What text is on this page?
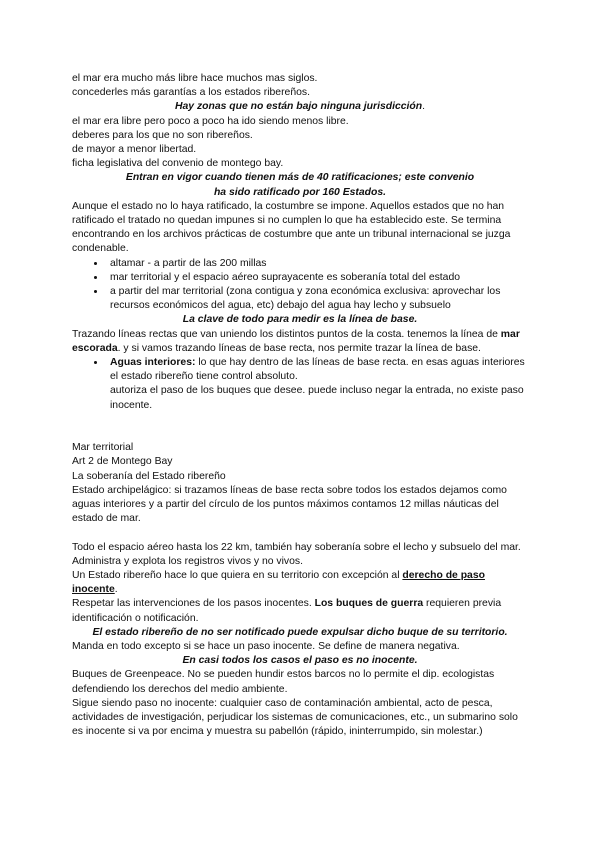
el mar era mucho más libre hace muchos mas siglos.
concederles más garantías a los estados ribereños.
Hay zonas que no están bajo ninguna jurisdicción.
el mar era libre pero poco a poco ha ido siendo menos libre.
deberes para los que no son ribereños.
de mayor a menor libertad.
ficha legislativa del convenio de montego bay.
Entran en vigor cuando tienen más de 40 ratificaciones; este convenio ha sido ratificado por 160 Estados.
Aunque el estado no lo haya ratificado, la costumbre se impone. Aquellos estados que no han ratificado el tratado no quedan impunes si no cumplen lo que ha establecido este. Se termina encontrando en los archivos prácticas de costumbre que ante un tribunal internacional se juzga condenable.
• altamar - a partir de las 200 millas
• mar territorial y el espacio aéreo suprayacente es soberanía total del estado
• a partir del mar territorial (zona contigua y zona económica exclusiva: aprovechar los recursos económicos del agua, etc) debajo del agua hay lecho y subsuelo
La clave de todo para medir es la línea de base.
Trazando líneas rectas que van uniendo los distintos puntos de la costa. tenemos la línea de mar escorada. y si vamos trazando líneas de base recta, nos permite trazar la línea de base.
• Aguas interiores: lo que hay dentro de las líneas de base recta. en esas aguas interiores el estado ribereño tiene control absoluto.
autoriza el paso de los buques que desee. puede incluso negar la entrada, no existe paso inocente.
Mar territorial
Art 2 de Montego Bay
La soberanía del Estado ribereño
Estado archipelágico: si trazamos líneas de base recta sobre todos los estados dejamos como aguas interiores y a partir del círculo de los puntos máximos contamos 12 millas náuticas del estado de mar.
Todo el espacio aéreo hasta los 22 km, también hay soberanía sobre el lecho y subsuelo del mar. Administra y explota los registros vivos y no vivos.
Un Estado ribereño hace lo que quiera en su territorio con excepción al derecho de paso inocente.
Respetar las intervenciones de los pasos inocentes. Los buques de guerra requieren previa identificación o notificación.
El estado ribereño de no ser notificado puede expulsar dicho buque de su territorio.
Manda en todo excepto si se hace un paso inocente. Se define de manera negativa.
En casi todos los casos el paso es no inocente.
Buques de Greenpeace. No se pueden hundir estos barcos no lo permite el dip. ecologistas defendiendo los derechos del medio ambiente.
Sigue siendo paso no inocente: cualquier caso de contaminación ambiental, acto de pesca, actividades de investigación, perjudicar los sistemas de comunicaciones, etc., un submarino solo es inocente si va por encima y muestra su pabellón (rápido, ininterrumpido, sin molestar.)
